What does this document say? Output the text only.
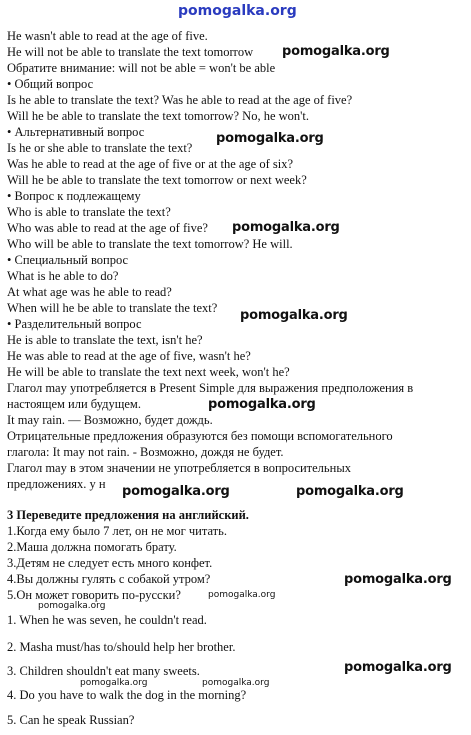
pomogalka.org
He wasn't able to read at the age of five.
He will not be able to translate the text tomorrow
Обратите внимание: will not be able = won't be able
• Общий вопрос
Is he able to translate the text? Was he able to read at the age of five?
Will he be able to translate the text tomorrow? No, he won't.
• Альтернативный вопрос
Is he or she able to translate the text?
Was he able to read at the age of five or at the age of six?
Will he be able to translate the text tomorrow or next week?
• Вопрос к подлежащему
Who is able to translate the text?
Who was able to read at the age of five?
Who will be able to translate the text tomorrow? He will.
• Специальный вопрос
What is he able to do?
At what age was he able to read?
When will he be able to translate the text?
• Разделительный вопрос
He is able to translate the text, isn't he?
He was able to read at the age of five, wasn't he?
He will be able to translate the text next week, won't he?
Глагол may употребляется в Present Simple для выражения предположения в
настоящем или будущем.
It may rain. — Возможно, будет дождь.
Отрицательные предложения образуются без помощи вспомогательного
глагола: It may not rain. - Возможно, дождя не будет.
Глагол may в этом значении не употребляется в вопросительных
предложениях. у н
3 Переведите предложения на английский.
1.Когда ему было 7 лет, он не мог читать.
2.Маша должна помогать брату.
3.Детям не следует есть много конфет.
4.Вы должны гулять с собакой утром?
5.Он может говорить по-русски?
1. When he was seven, he couldn't read.
2. Masha must/has to/should help her brother.
3. Children shouldn't eat many sweets.
4. Do you have to walk the dog in the morning?
5. Can he speak Russian?
pomogalka.org
pomogalka.org
pomogalka.org
pomogalka.org
pomogalka.org
pomogalka.org	pomogalka.org
pomogalka.org
pomogalka.org
pomogalka.org
pomogalka.org
pomogalka.org	pomogalka.org
